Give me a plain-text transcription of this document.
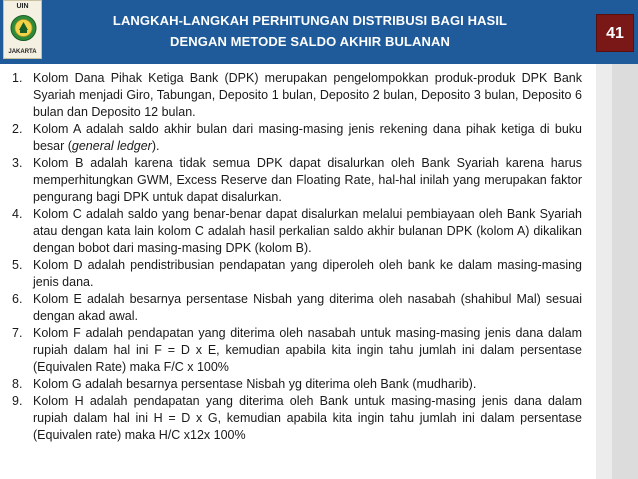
UIN
JAKARTA
LANGKAH-LANGKAH PERHITUNGAN DISTRIBUSI BAGI HASIL
DENGAN METODE SALDO AKHIR BULANAN	41
1. Kolom Dana Pihak Ketiga Bank (DPK) merupakan pengelompokkan produk-produk DPK Bank Syariah menjadi Giro, Tabungan, Deposito 1 bulan, Deposito 2 bulan, Deposito 3 bulan, Deposito 6 bulan dan Deposito 12 bulan.
2. Kolom A adalah saldo akhir bulan dari masing-masing jenis rekening dana pihak ketiga di buku besar (general ledger).
3. Kolom B adalah karena tidak semua DPK dapat disalurkan oleh Bank Syariah karena harus memperhitungkan GWM, Excess Reserve dan Floating Rate, hal-hal inilah yang merupakan faktor pengurang bagi DPK untuk dapat disalurkan.
4. Kolom C adalah saldo yang benar-benar dapat disalurkan melalui pembiayaan oleh Bank Syariah atau dengan kata lain kolom C adalah hasil perkalian saldo akhir bulanan DPK (kolom A) dikalikan dengan bobot dari masing-masing DPK (kolom B).
5. Kolom D adalah pendistribusian pendapatan yang diperoleh oleh bank ke dalam masing-masing jenis dana.
6. Kolom E adalah besarnya persentase Nisbah yang diterima oleh nasabah (shahibul Mal) sesuai dengan akad awal.
7. Kolom F adalah pendapatan yang diterima oleh nasabah untuk masing-masing jenis dana dalam rupiah dalam hal ini F = D x E, kemudian apabila kita ingin tahu jumlah ini dalam persentase (Equivalen Rate) maka F/C x 100%
8. Kolom G adalah besarnya persentase Nisbah yg diterima oleh Bank (mudharib).
9. Kolom H adalah pendapatan yang diterima oleh Bank untuk masing-masing jenis dana dalam rupiah dalam hal ini H = D x G, kemudian apabila kita ingin tahu jumlah ini dalam persentase (Equivalen rate) maka H/C x12x 100%
